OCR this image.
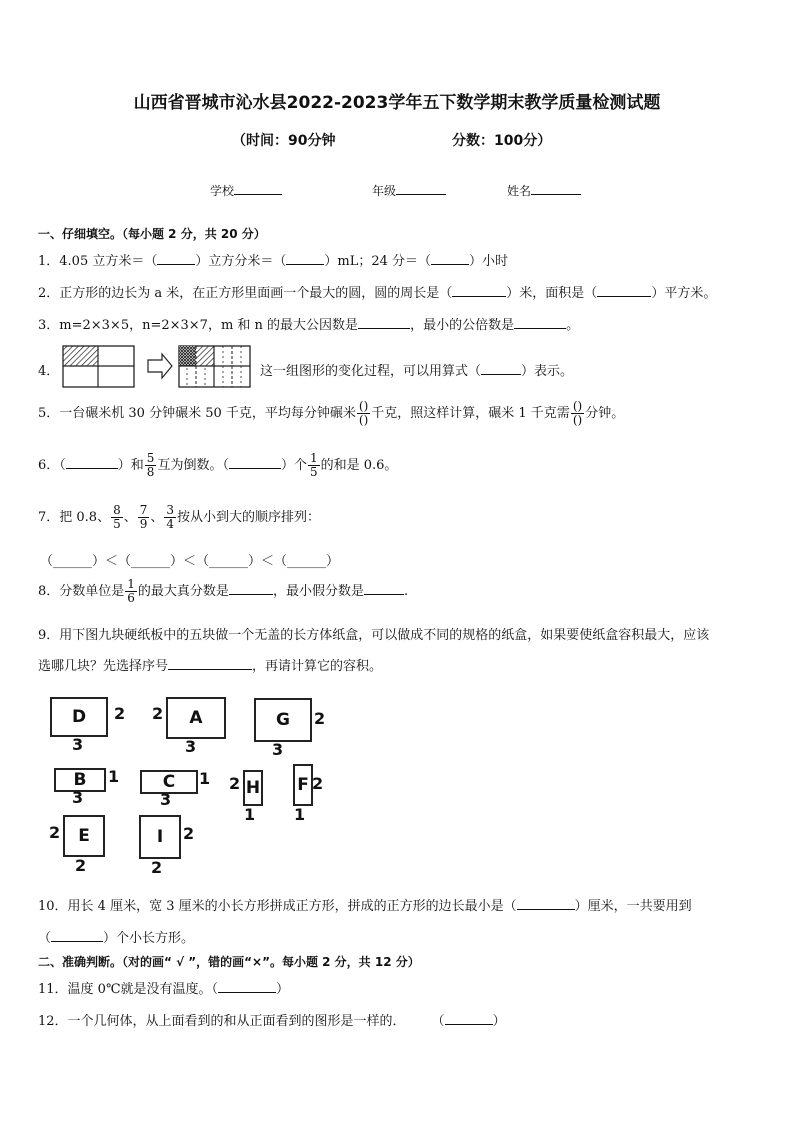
山西省晋城市沁水县2022-2023学年五下数学期末教学质量检测试题
（时间：90分钟	分数：100分）
学校	年级	姓名
一、仔细填空。（每小题 2 分，共 20 分）
1．4.05 立方米＝（	）立方分米＝（	）mL；24 分＝（	）小时
2．正方形的边长为 a 米，在正方形里面画一个最大的圆，圆的周长是（	）米，面积是（	）平方米。
3．m=2×3×5，n=2×3×7，m 和 n 的最大公因数是	，最小的公倍数是	。
4．	这一组图形的变化过程，可以用算式（	）表示。
5．一台碾米机 30 分钟碾米 50 千克，平均每分钟碾米 $\frac{()}{()}$ 千克，照这样计算，碾米 1 千克需 $\frac{()}{()}$ 分钟。
6．（	）和 $\frac{5}{8}$ 互为倒数。（	）个 $\frac{1}{5}$ 的和是 0.6。
7．把 0.8、 $\frac{8}{5}$ 、 $\frac{7}{9}$ 、 $\frac{3}{4}$ 按从小到大的顺序排列：
（______）＜（______）＜（______）＜（______）
8．分数单位是 $\frac{1}{6}$ 的最大真分数是	，最小假分数是	.
9．用下图九块硬纸板中的五块做一个无盖的长方体纸盒，可以做成不同的规格的纸盒，如果要使纸盒容积最大，应该
选哪几块？先选择序号	，再请计算它的容积。
D	2
3
A
2
3
G	2
3
B	1
3
C	1
3
H
2
1
F 2
1
E
2
2
I	2
2
10．用长 4 厘米，宽 3 厘米的小长方形拼成正方形，拼成的正方形的边长最小是（	）厘米，一共要用到
（	）个小长方形。
二、准确判断。（对的画“ √ ”，错的画“×”。每小题 2 分，共 12 分）
11．温度 0℃就是没有温度。（	）
12．一个几何体，从上面看到的和从正面看到的图形是一样的． （	）
